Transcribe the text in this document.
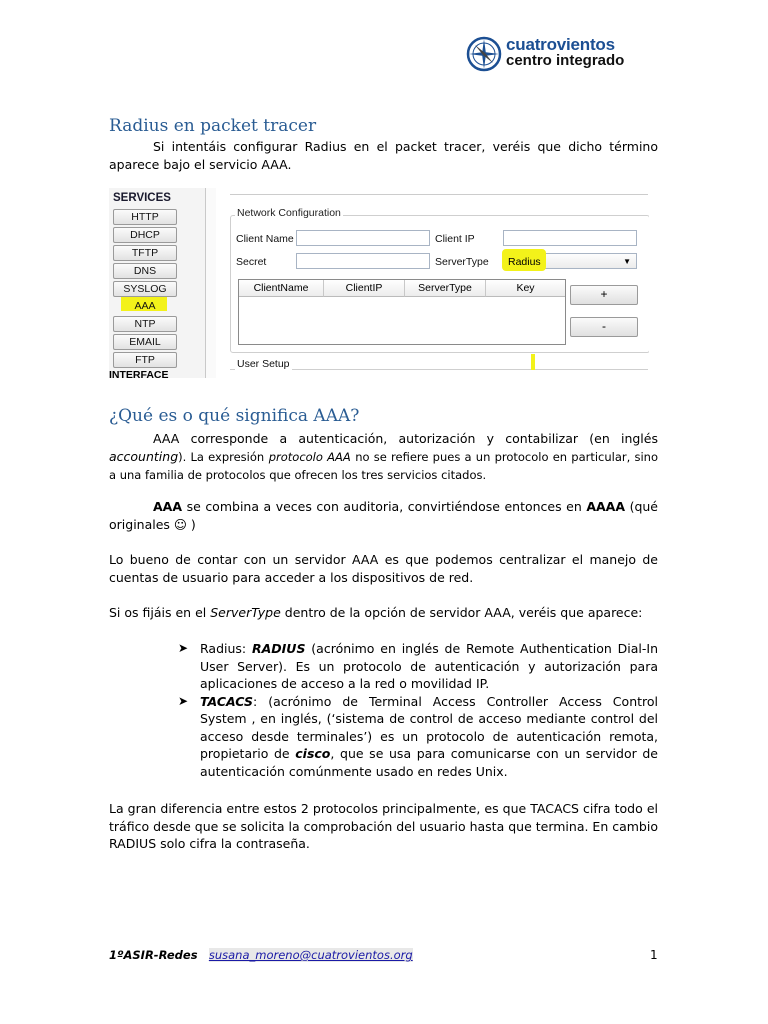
cuatrovientos
centro integrado
Radius en packet tracer
Si intentáis configurar Radius en el packet tracer, veréis que dicho término aparece bajo el servicio AAA.
SERVICES
HTTP
DHCP
TFTP
DNS
SYSLOG
AAA
NTP
EMAIL
FTP
INTERFACE
Network Configuration
Client Name	Client IP
Secret	ServerType	Radius	▼
ClientName	ClientIP	ServerType	Key	+
-
User Setup
¿Qué es o qué significa AAA?
AAA corresponde a autenticación, autorización y contabilizar (en inglés accounting). La expresión protocolo AAA no se refiere pues a un protocolo en particular, sino a una familia de protocolos que ofrecen los tres servicios citados.
AAA se combina a veces con auditoria, convirtiéndose entonces en AAAA (qué originales ☺ )
Lo bueno de contar con un servidor AAA es que podemos centralizar el manejo de cuentas de usuario para acceder a los dispositivos de red.
Si os fijáis en el ServerType dentro de la opción de servidor AAA, veréis que aparece:
➤ Radius: RADIUS (acrónimo en inglés de Remote Authentication Dial-In User Server). Es un protocolo de autenticación y autorización para aplicaciones de acceso a la red o movilidad IP.
➤ TACACS: (acrónimo de Terminal Access Controller Access Control System , en inglés, (‘sistema de control de acceso mediante control del acceso desde terminales’) es un protocolo de autenticación remota, propietario de cisco, que se usa para comunicarse con un servidor de autenticación comúnmente usado en redes Unix.
La gran diferencia entre estos 2 protocolos principalmente, es que TACACS cifra todo el tráfico desde que se solicita la comprobación del usuario hasta que termina. En cambio RADIUS solo cifra la contraseña.
1ºASIR-Redes susana_moreno@cuatrovientos.org	1
